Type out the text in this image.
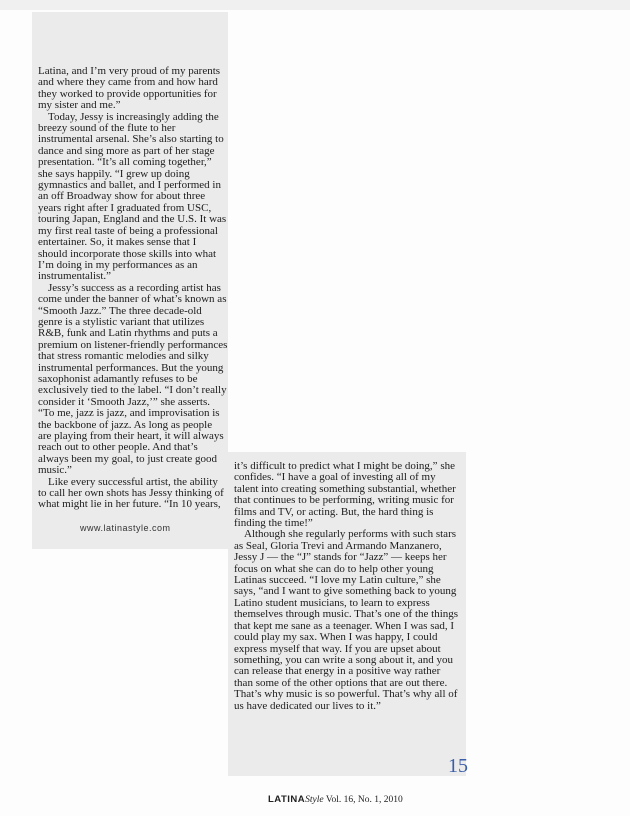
Latina, and I’m very proud of my parents and where they came from and how hard they worked to provide opportunities for my sister and me.”

Today, Jessy is increasingly adding the breezy sound of the flute to her instrumental arsenal. She’s also starting to dance and sing more as part of her stage presentation. “It’s all coming together,” she says happily. “I grew up doing gymnastics and ballet, and I performed in an off Broadway show for about three years right after I graduated from USC, touring Japan, England and the U.S. It was my first real taste of being a professional entertainer. So, it makes sense that I should incorporate those skills into what I’m doing in my performances as an instrumentalist.”

Jessy’s success as a recording artist has come under the banner of what’s known as “Smooth Jazz.” The three decade-old genre is a stylistic variant that utilizes R&B, funk and Latin rhythms and puts a premium on listener-friendly performances that stress romantic melodies and silky instrumental performances. But the young saxophonist adamantly refuses to be exclusively tied to the label. “I don’t really consider it ‘Smooth Jazz,’” she asserts. “To me, jazz is jazz, and improvisation is the backbone of jazz. As long as people are playing from their heart, it will always reach out to other people. And that’s always been my goal, to just create good music.”

Like every successful artist, the ability to call her own shots has Jessy thinking of what might lie in her future. “In 10 years,

www.latinastyle.com

it’s difficult to predict what I might be doing,” she confides. “I have a goal of investing all of my talent into creating something substantial, whether that continues to be performing, writing music for films and TV, or acting. But, the hard thing is finding the time!”

Although she regularly performs with such stars as Seal, Gloria Trevi and Armando Manzanero, Jessy J — the “J” stands for “Jazz” — keeps her focus on what she can do to help other young Latinas succeed. “I love my Latin culture,” she says, “and I want to give something back to young Latino student musicians, to learn to express themselves through music. That’s one of the things that kept me sane as a teenager. When I was sad, I could play my sax. When I was happy, I could express myself that way. If you are upset about something, you can write a song about it, and you can release that energy in a positive way rather than some of the other options that are out there. That’s why music is so powerful. That’s why all of us have dedicated our lives to it.”

15
LATINAStyle Vol. 16, No. 1, 2010
